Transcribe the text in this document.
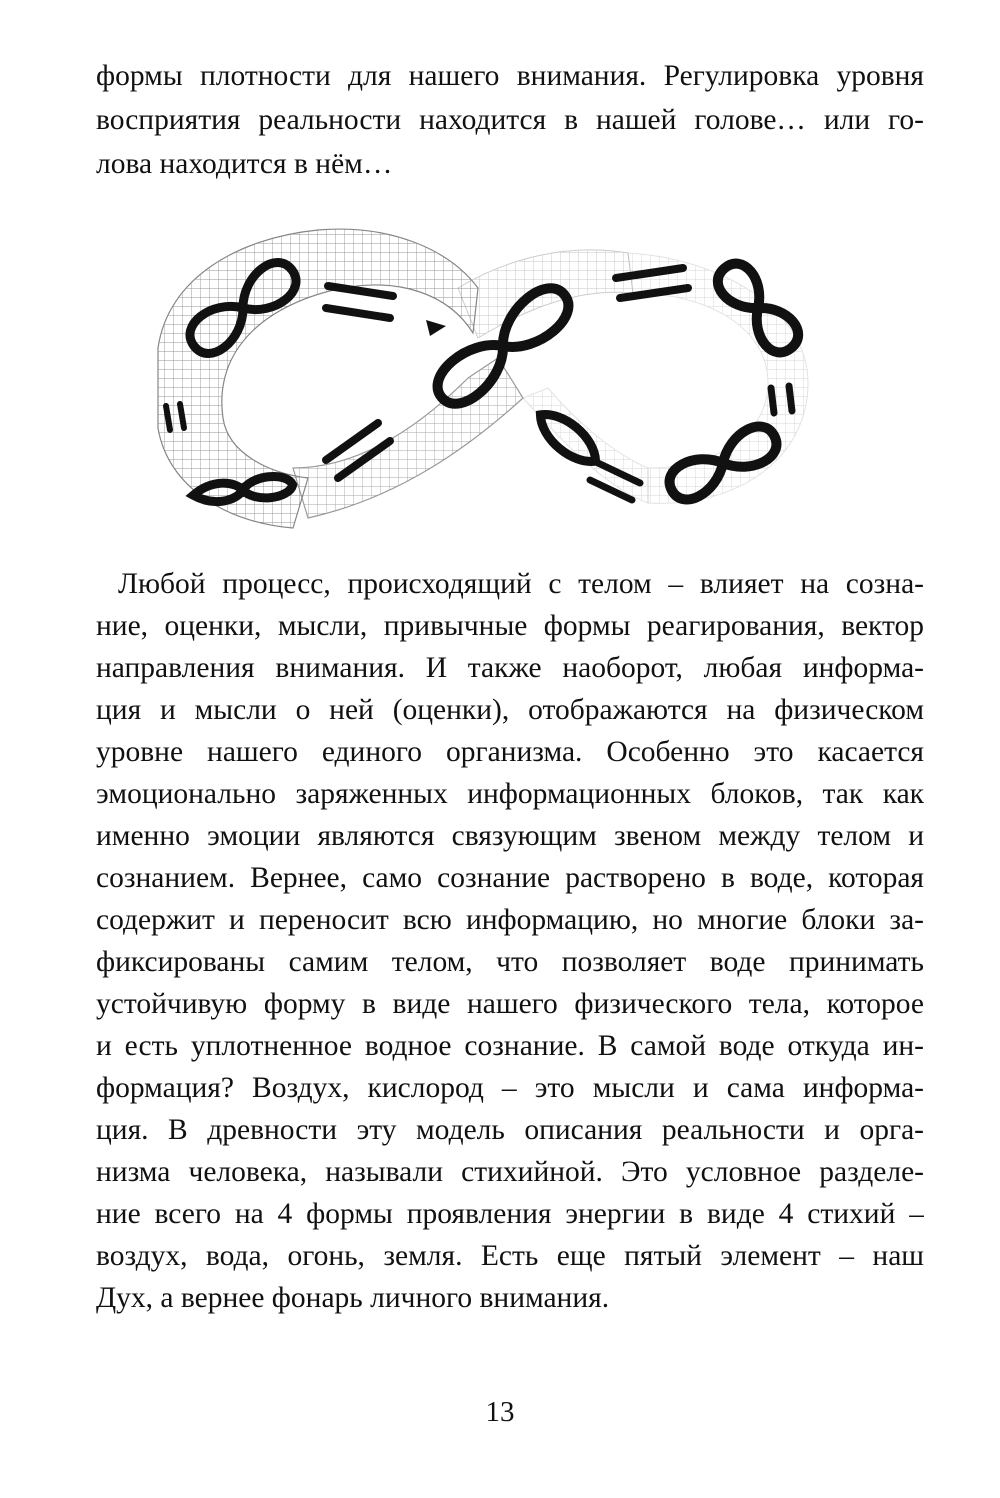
формы плотности для нашего внимания. Регулировка уровня
восприятия реальности находится в нашей голове… или го-
лова находится в нём…
Любой процесс, происходящий с телом – влияет на созна-
ние, оценки, мысли, привычные формы реагирования, вектор
направления внимания. И также наоборот, любая информа-
ция и мысли о ней (оценки), отображаются на физическом
уровне нашего единого организма. Особенно это касается
эмоционально заряженных информационных блоков, так как
именно эмоции являются связующим звеном между телом и
сознанием. Вернее, само сознание растворено в воде, которая
содержит и переносит всю информацию, но многие блоки за-
фиксированы самим телом, что позволяет воде принимать
устойчивую форму в виде нашего физического тела, которое
и есть уплотненное водное сознание. В самой воде откуда ин-
формация? Воздух, кислород – это мысли и сама информа-
ция. В древности эту модель описания реальности и орга-
низма человека, называли стихийной. Это условное разделе-
ние всего на 4 формы проявления энергии в виде 4 стихий –
воздух, вода, огонь, земля. Есть еще пятый элемент – наш
Дух, а вернее фонарь личного внимания.
13
